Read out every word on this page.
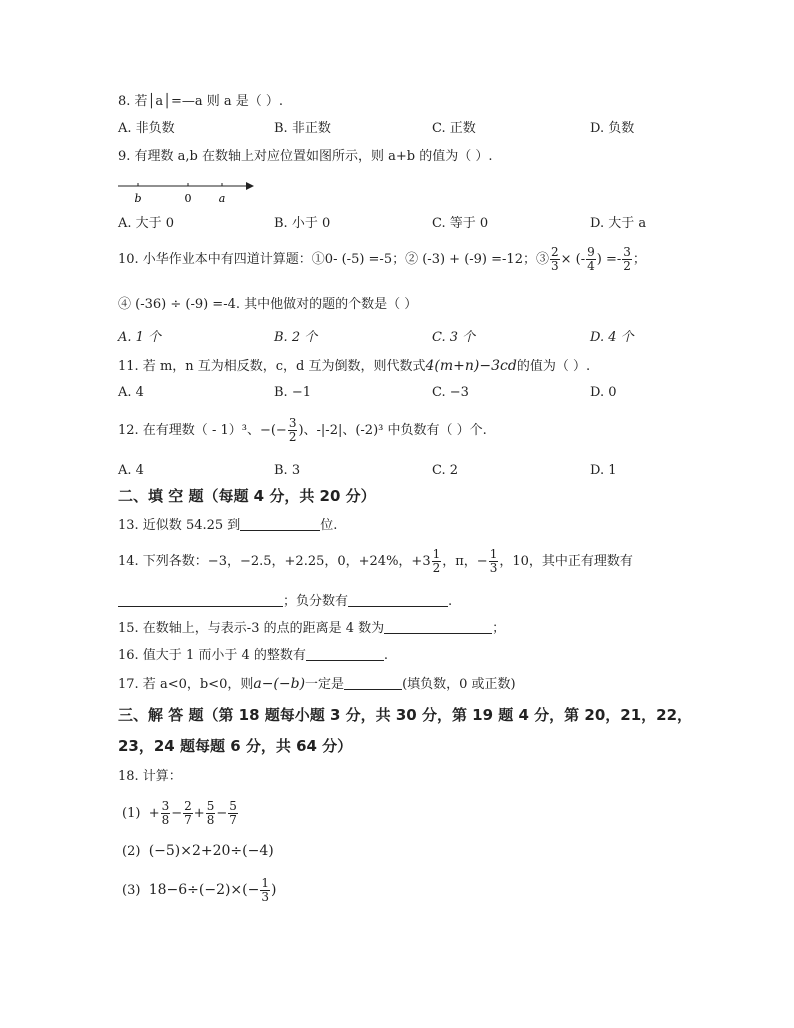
8. 若│a│=—a 则 a 是（ ）.
A. 非负数	B. 非正数	C. 正数	D. 负数
9. 有理数 a,b 在数轴上对应位置如图所示，则 a+b 的值为（ ）.
b	0 a
A. 大于 0	B. 小于 0	C. 等于 0	D. 大于 a
10. 小华作业本中有四道计算题：①0- (-5) =-5；② (-3) + (-9) =-12；③ $\frac{2}{3}$ × (- $\frac{9}{4}$ ) =- $\frac{3}{2}$ ；
④ (-36) ÷ (-9) =-4. 其中他做对的题的个数是（ ）
A. 1 个	B. 2 个	C. 3 个	D. 4 个
11. 若 m，n 互为相反数，c，d 互为倒数，则代数式4(m+n)−3cd的值为（ ）.
A. 4	B. −1	C. −3	D. 0
12. 在有理数（ - 1）³、−(− $\frac{3}{2}$ )、-|-2|、(-2)³ 中负数有（ ）个.
A. 4	B. 3	C. 2	D. 1
二、填 空 题（每题 4 分，共 20 分）
13. 近似数 54.25 到	位.
14. 下列各数：−3，−2.5，+2.25，0，+24%，$+3 \frac{1}{2}$ ，π，− $\frac{1}{3}$ ，10，其中正有理数有
；负分数有	.
15. 在数轴上，与表示-3 的点的距离是 4 数为	；
16. 值大于 1 而小于 4 的整数有	.
17. 若 a<0，b<0，则a−(−b)一定是	(填负数，0 或正数)
三、解 答 题（第 18 题每小题 3 分，共 30 分，第 19 题 4 分，第 20，21，22，
23，24 题每题 6 分，共 64 分）
18. 计算：
$(1) + \frac{3}{8} - \frac{2}{7} + \frac{5}{8} - \frac{5}{7}$
(2) (−5)×2+20÷(−4)
(3) $18-6\div(-2)\times(- \frac{1}{3}$ )
